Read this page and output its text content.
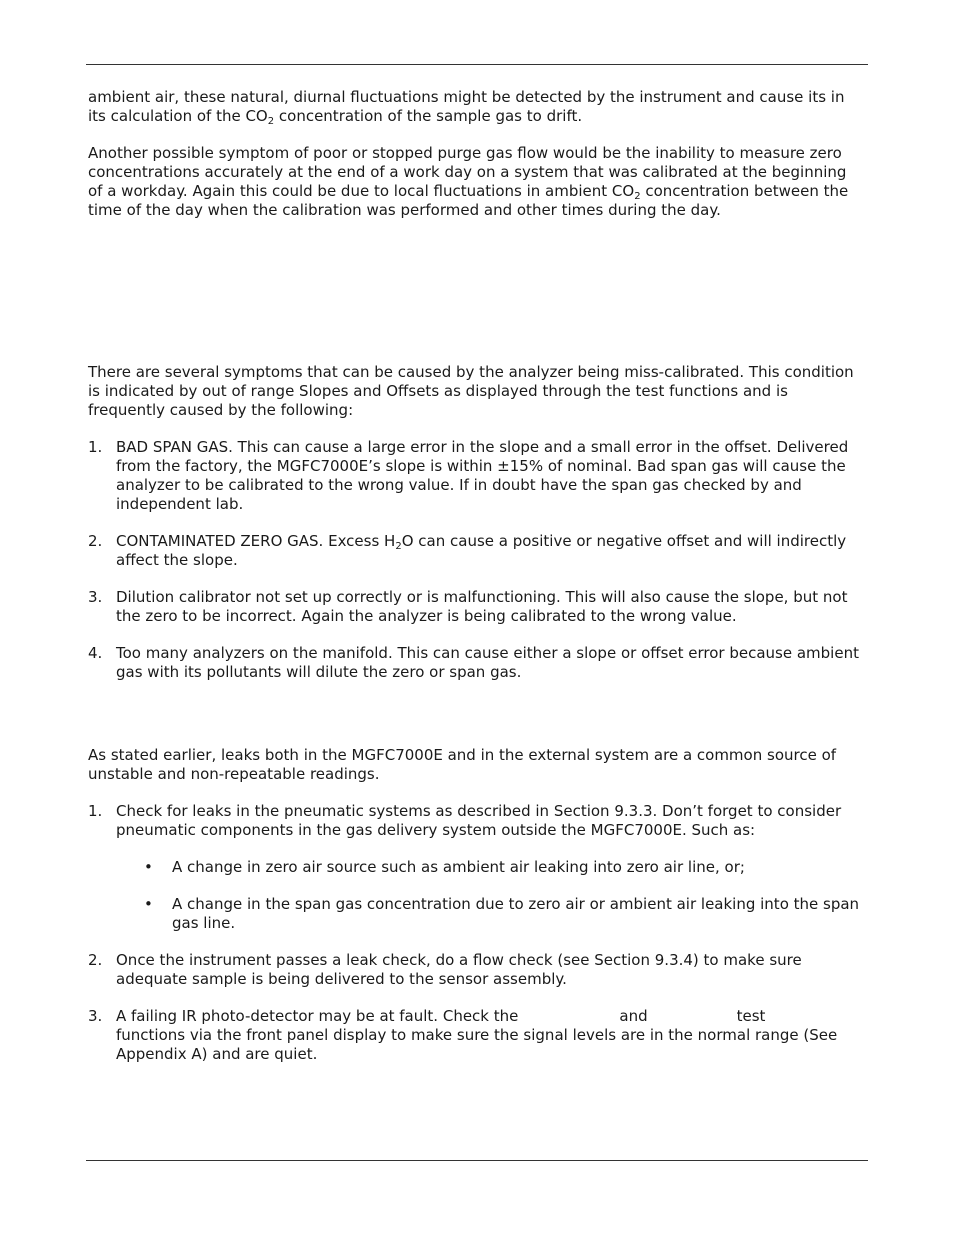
ambient air, these natural, diurnal fluctuations might be detected by the instrument and cause its in its calculation of the $CO_2$ concentration of the sample gas to drift.

Another possible symptom of poor or stopped purge gas flow would be the inability to measure zero concentrations accurately at the end of a work day on a system that was calibrated at the beginning of a workday. Again this could be due to local fluctuations in ambient $CO_2$ concentration between the time of the day when the calibration was performed and other times during the day.

There are several symptoms that can be caused by the analyzer being miss-calibrated. This condition is indicated by out of range Slopes and Offsets as displayed through the test functions and is frequently caused by the following:

1. BAD SPAN GAS. This can cause a large error in the slope and a small error in the offset. Delivered from the factory, the MGFC7000E’s slope is within ±15% of nominal. Bad span gas will cause the analyzer to be calibrated to the wrong value. If in doubt have the span gas checked by and independent lab.
2. CONTAMINATED ZERO GAS. Excess $H_2O$ can cause a positive or negative offset and will indirectly affect the slope.
3. Dilution calibrator not set up correctly or is malfunctioning. This will also cause the slope, but not the zero to be incorrect. Again the analyzer is being calibrated to the wrong value.
4. Too many analyzers on the manifold. This can cause either a slope or offset error because ambient gas with its pollutants will dilute the zero or span gas.

As stated earlier, leaks both in the MGFC7000E and in the external system are a common source of unstable and non-repeatable readings.

1. Check for leaks in the pneumatic systems as described in Section 9.3.3. Don’t forget to consider pneumatic components in the gas delivery system outside the MGFC7000E. Such as:
• A change in zero air source such as ambient air leaking into zero air line, or;
• A change in the span gas concentration due to zero air or ambient air leaking into the span gas line.
2. Once the instrument passes a leak check, do a flow check (see Section 9.3.4) to make sure adequate sample is being delivered to the sensor assembly.
3. A failing IR photo-detector may be at fault. Check the	and	test
functions via the front panel display to make sure the signal levels are in the normal range (See Appendix A) and are quiet.
